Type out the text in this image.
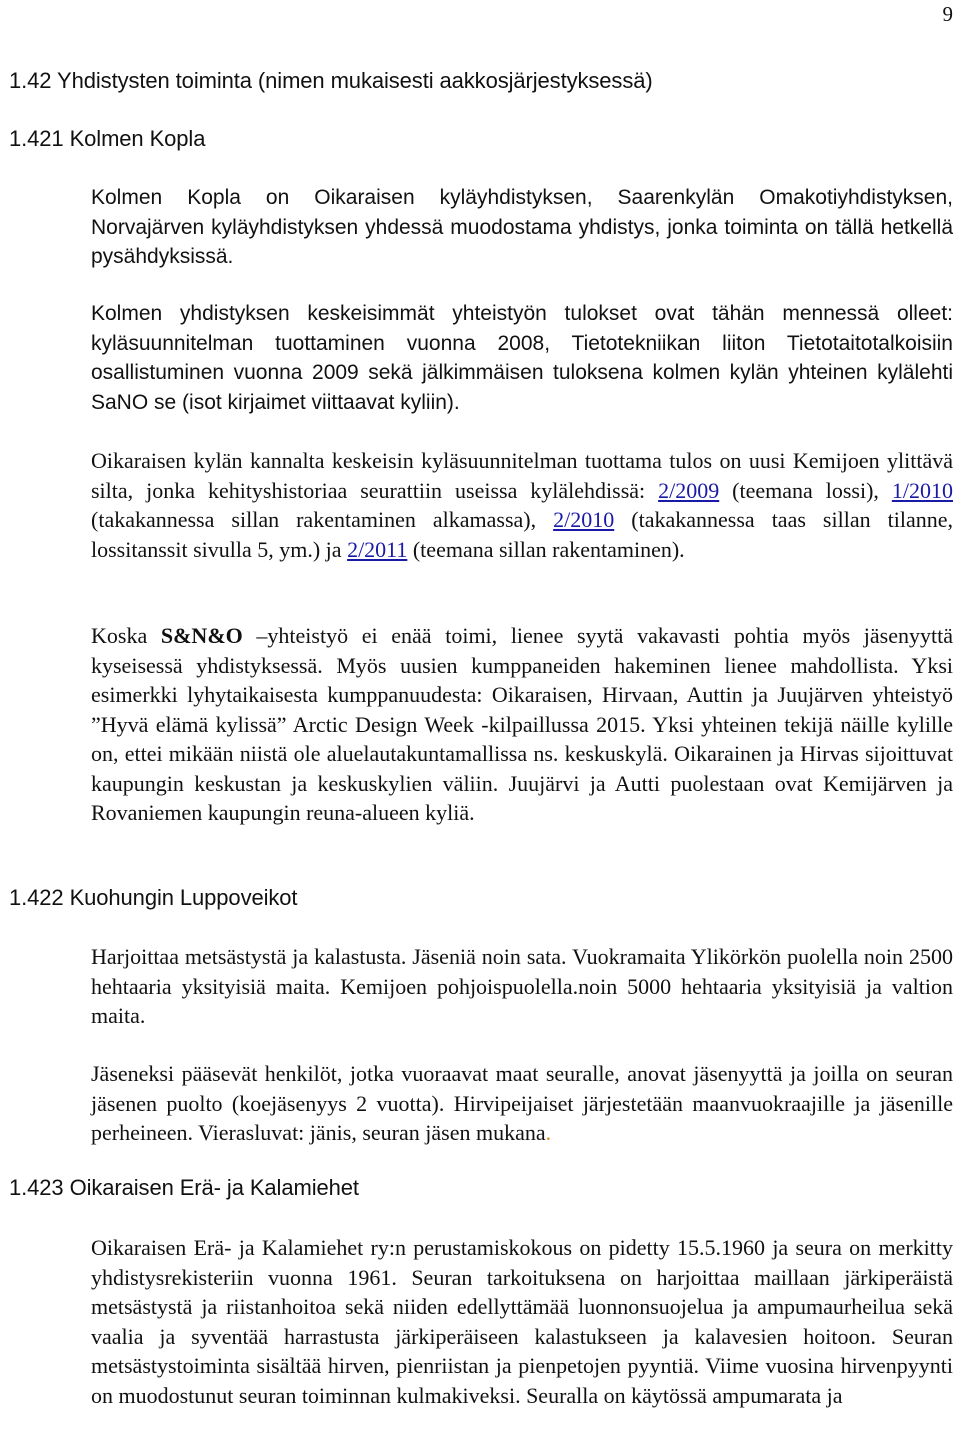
9
1.42 Yhdistysten toiminta (nimen mukaisesti aakkosjärjestyksessä)
1.421 Kolmen Kopla
Kolmen Kopla on Oikaraisen kyläyhdistyksen, Saarenkylän Omakotiyhdistyksen, Norvajärven kyläyhdistyksen yhdessä muodostama yhdistys, jonka toiminta on tällä hetkellä pysähdyksissä.
Kolmen yhdistyksen keskeisimmät yhteistyön tulokset ovat tähän mennessä olleet: kyläsuunnitelman tuottaminen vuonna 2008, Tietotekniikan liiton Tietotaitotalkoisiin osallistuminen vuonna 2009 sekä jälkimmäisen tuloksena kolmen kylän yhteinen kylälehti SaNO se (isot kirjaimet viittaavat kyliin).
Oikaraisen kylän kannalta keskeisin kyläsuunnitelman tuottama tulos on uusi Kemijoen ylittävä silta, jonka kehityshistoriaa seurattiin useissa kylälehdissä: 2/2009 (teemana lossi), 1/2010 (takakannessa sillan rakentaminen alkamassa), 2/2010 (takakannessa taas sillan tilanne, lossitanssit sivulla 5, ym.) ja 2/2011 (teemana sillan rakentaminen).
Koska S&N&O –yhteistyö ei enää toimi, lienee syytä vakavasti pohtia myös jäsenyyttä kyseisessä yhdistyksessä. Myös uusien kumppaneiden hakeminen lienee mahdollista. Yksi esimerkki lyhytaikaisesta kumppanuudesta: Oikaraisen, Hirvaan, Auttin ja Juujärven yhteistyö ”Hyvä elämä kylissä” Arctic Design Week -kilpaillussa 2015. Yksi yhteinen tekijä näille kylille on, ettei mikään niistä ole aluelautakuntamallissa ns. keskuskylä. Oikarainen ja Hirvas sijoittuvat kaupungin keskustan ja keskuskylien väliin. Juujärvi ja Autti puolestaan ovat Kemijärven ja Rovaniemen kaupungin reuna-alueen kyliä.
1.422 Kuohungin Luppoveikot
Harjoittaa metsästystä ja kalastusta. Jäseniä noin sata. Vuokramaita Ylikörkön puolella noin 2500 hehtaaria yksityisiä maita. Kemijoen pohjoispuolella.noin 5000 hehtaaria yksityisiä ja valtion maita.
Jäseneksi pääsevät henkilöt, jotka vuoraavat maat seuralle, anovat jäsenyyttä ja joilla on seuran jäsenen puolto (koejäsenyys 2 vuotta). Hirvipeijaiset järjestetään maanvuokraajille ja jäsenille perheineen. Vierasluvat: jänis, seuran jäsen mukana.
1.423 Oikaraisen Erä- ja Kalamiehet
Oikaraisen Erä- ja Kalamiehet ry:n perustamiskokous on pidetty 15.5.1960 ja seura on merkitty yhdistysrekisteriin vuonna 1961. Seuran tarkoituksena on harjoittaa maillaan järkiperäistä metsästystä ja riistanhoitoa sekä niiden edellyttämää luonnonsuojelua ja ampumaurheilua sekä vaalia ja syventää harrastusta järkiperäiseen kalastukseen ja kalavesien hoitoon. Seuran metsästystoiminta sisältää hirven, pienriistan ja pienpetojen pyyntiä. Viime vuosina hirvenpyynti on muodostunut seuran toiminnan kulmakiveksi. Seuralla on käytössä ampumarata ja
